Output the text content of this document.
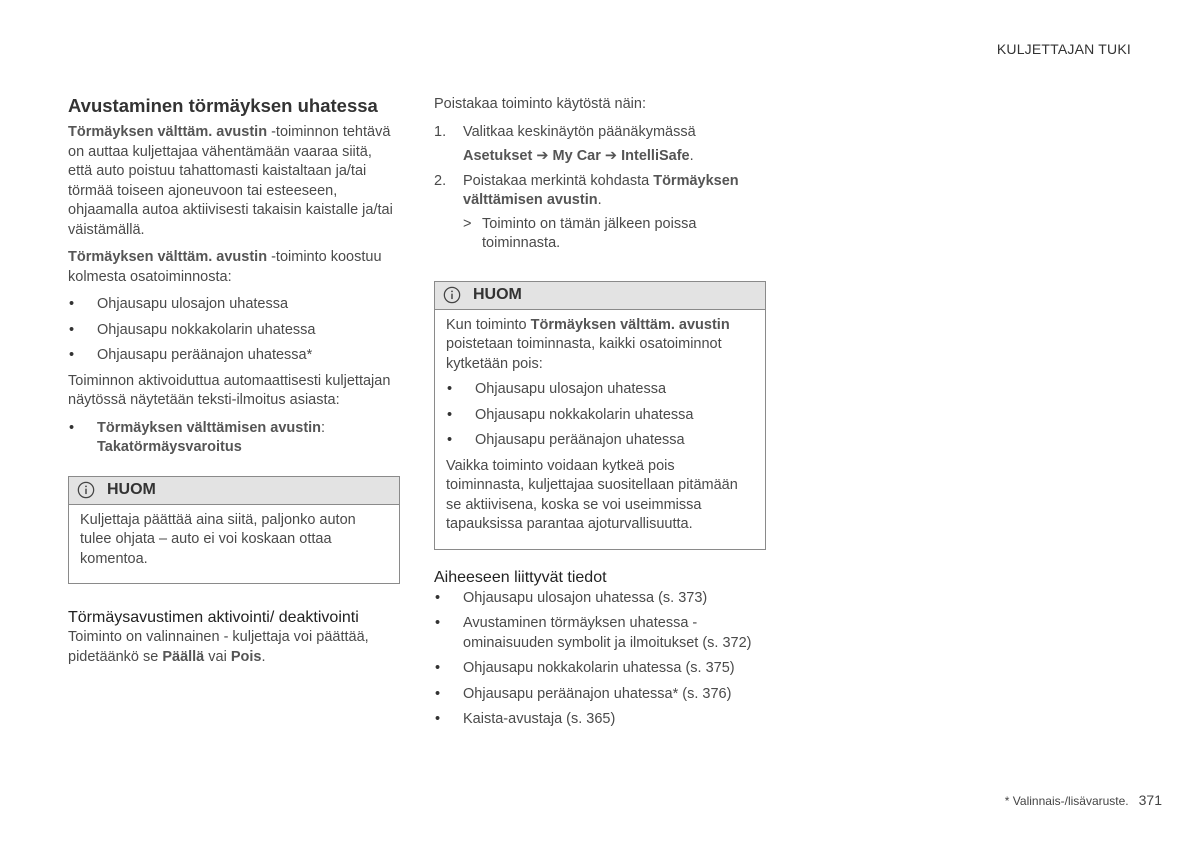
KULJETTAJAN TUKI
Avustaminen törmäyksen uhatessa

Törmäyksen välttäm. avustin -toiminnon tehtävä on auttaa kuljettajaa vähentämään vaaraa siitä, että auto poistuu tahattomasti kaistaltaan ja/tai törmää toiseen ajoneuvoon tai esteeseen, ohjaamalla autoa aktiivisesti takaisin kaistalle ja/tai väistämällä.

Törmäyksen välttäm. avustin -toiminto koostuu kolmesta osatoiminnosta:

• Ohjausapu ulosajon uhatessa
• Ohjausapu nokkakolarin uhatessa
• Ohjausapu peräänajon uhatessa*

Toiminnon aktivoiduttua automaattisesti kuljettajan näytössä näytetään teksti-ilmoitus asiasta:

• Törmäyksen välttämisen avustin: Takatörmäysvaroitus
HUOM

Kuljettaja päättää aina siitä, paljonko auton tulee ohjata – auto ei voi koskaan ottaa komentoa.

Törmäysavustimen aktivointi/ deaktivointi

Toiminto on valinnainen - kuljettaja voi päättää, pidetäänkö se Päällä vai Pois.

Poistakaa toiminto käytöstä näin:

1. Valitkaa keskinäytön päänäkymässä
Asetukset ➔ My Car ➔ IntelliSafe.
2. Poistakaa merkintä kohdasta Törmäyksen välttämisen avustin.
> Toiminto on tämän jälkeen poissa toiminnasta.
HUOM

Kun toiminto Törmäyksen välttäm. avustin poistetaan toiminnasta, kaikki osatoiminnot kytketään pois:

• Ohjausapu ulosajon uhatessa
• Ohjausapu nokkakolarin uhatessa
• Ohjausapu peräänajon uhatessa

Vaikka toiminto voidaan kytkeä pois toiminnasta, kuljettajaa suositellaan pitämään se aktiivisena, koska se voi useimmissa tapauksissa parantaa ajoturvallisuutta.

Aiheeseen liittyvät tiedot
• Ohjausapu ulosajon uhatessa (s. 373)
• Avustaminen törmäyksen uhatessa -ominaisuuden symbolit ja ilmoitukset (s. 372)
• Ohjausapu nokkakolarin uhatessa (s. 375)
• Ohjausapu peräänajon uhatessa* (s. 376)
• Kaista-avustaja (s. 365)
* Valinnais-/lisävaruste. 371
